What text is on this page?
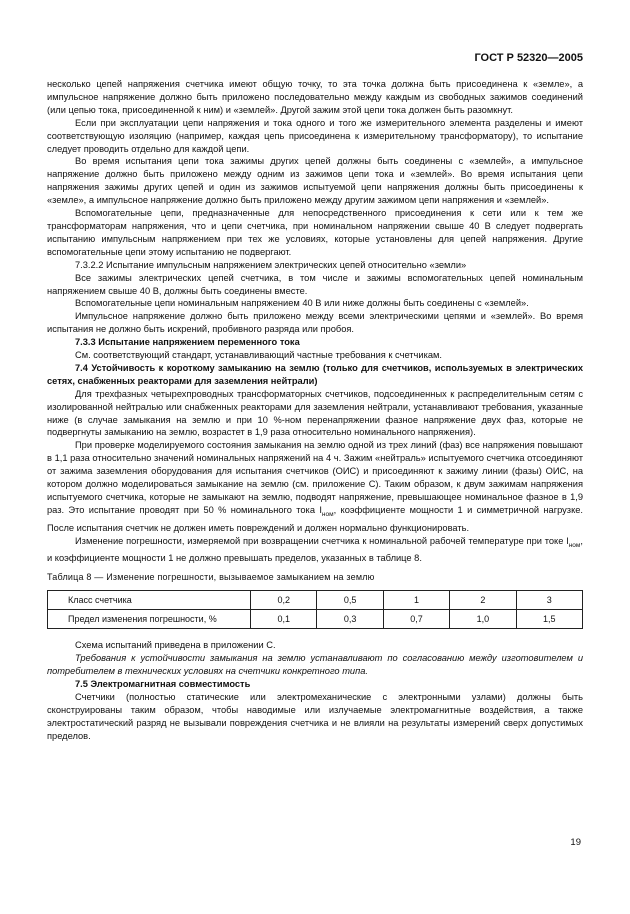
ГОСТ Р 52320—2005

несколько цепей напряжения счетчика имеют общую точку, то эта точка должна быть присоединена к «земле», а импульсное напряжение должно быть приложено последовательно между каждым из свободных зажимов соединений (или цепью тока, присоединенной к ним) и «землей». Другой зажим этой цепи тока должен быть разомкнут.

Если при эксплуатации цепи напряжения и тока одного и того же измерительного элемента разделены и имеют соответствующую изоляцию (например, каждая цепь присоединена к измерительному трансформатору), то испытание следует проводить отдельно для каждой цепи.

Во время испытания цепи тока зажимы других цепей должны быть соединены с «землей», а импульсное напряжение должно быть приложено между одним из зажимов цепи тока и «землей». Во время испытания цепи напряжения зажимы других цепей и один из зажимов испытуемой цепи напряжения должны быть присоединены к «земле», а импульсное напряжение должно быть приложено между другим зажимом цепи напряжения и «землей».

Вспомогательные цепи, предназначенные для непосредственного присоединения к сети или к тем же трансформаторам напряжения, что и цепи счетчика, при номинальном напряжении свыше 40 В следует подвергать испытанию импульсным напряжением при тех же условиях, которые установлены для цепей напряжения. Другие вспомогательные цепи этому испытанию не подвергают.

7.3.2.2 Испытание импульсным напряжением электрических цепей относительно «земли»

Все зажимы электрических цепей счетчика, в том числе и зажимы вспомогательных цепей номинальным напряжением свыше 40 В, должны быть соединены вместе.

Вспомогательные цепи номинальным напряжением 40 В или ниже должны быть соединены с «землей».

Импульсное напряжение должно быть приложено между всеми электрическими цепями и «землей». Во время испытания не должно быть искрений, пробивного разряда или пробоя.

7.3.3 Испытание напряжением переменного тока

См. соответствующий стандарт, устанавливающий частные требования к счетчикам.

7.4 Устойчивость к короткому замыканию на землю (только для счетчиков, используемых в электрических сетях, снабженных реакторами для заземления нейтрали)

Для трехфазных четырехпроводных трансформаторных счетчиков, подсоединенных к распределительным сетям с изолированной нейтралью или снабженных реакторами для заземления нейтрали, устанавливают требования, указанные ниже (в случае замыкания на землю и при 10 %-ном перенапряжении фазное напряжение двух фаз, которые не подвергнуты замыканию на землю, возрастет в 1,9 раза относительно номинального напряжения).

При проверке моделируемого состояния замыкания на землю одной из трех линий (фаз) все напряжения повышают в 1,1 раза относительно значений номинальных напряжений на 4 ч. Зажим «нейтраль» испытуемого счетчика отсоединяют от зажима заземления оборудования для испытания счетчиков (ОИС) и присоединяют к зажиму линии (фазы) ОИС, на котором должно моделироваться замыкание на землю (см. приложение С). Таким образом, к двум зажимам напряжения испытуемого счетчика, которые не замыкают на землю, подводят напряжение, превышающее номинальное фазное в 1,9 раз. Это испытание проводят при 50 % номинального тока $I_{ном}$, коэффициенте мощности 1 и симметричной нагрузке. После испытания счетчик не должен иметь повреждений и должен нормально функционировать.

Изменение погрешности, измеряемой при возвращении счетчика к номинальной рабочей температуре при токе $I_{ном}$, и коэффициенте мощности 1 не должно превышать пределов, указанных в таблице 8.

Таблица 8 — Изменение погрешности, вызываемое замыканием на землю

Класс счетчика	0,2	0,5	1	2	3
Предел изменения погрешности, %	0,1	0,3	0,7	1,0	1,5

Схема испытаний приведена в приложении С.

Требования к устойчивости замыкания на землю устанавливают по согласованию между изготовителем и потребителем в технических условиях на счетчики конкретного типа.

7.5 Электромагнитная совместимость

Счетчики (полностью статические или электромеханические с электронными узлами) должны быть сконструированы таким образом, чтобы наводимые или излучаемые электромагнитные воздействия, а также электростатический разряд не вызывали повреждения счетчика и не влияли на результаты измерений сверх допустимых пределов.

19
